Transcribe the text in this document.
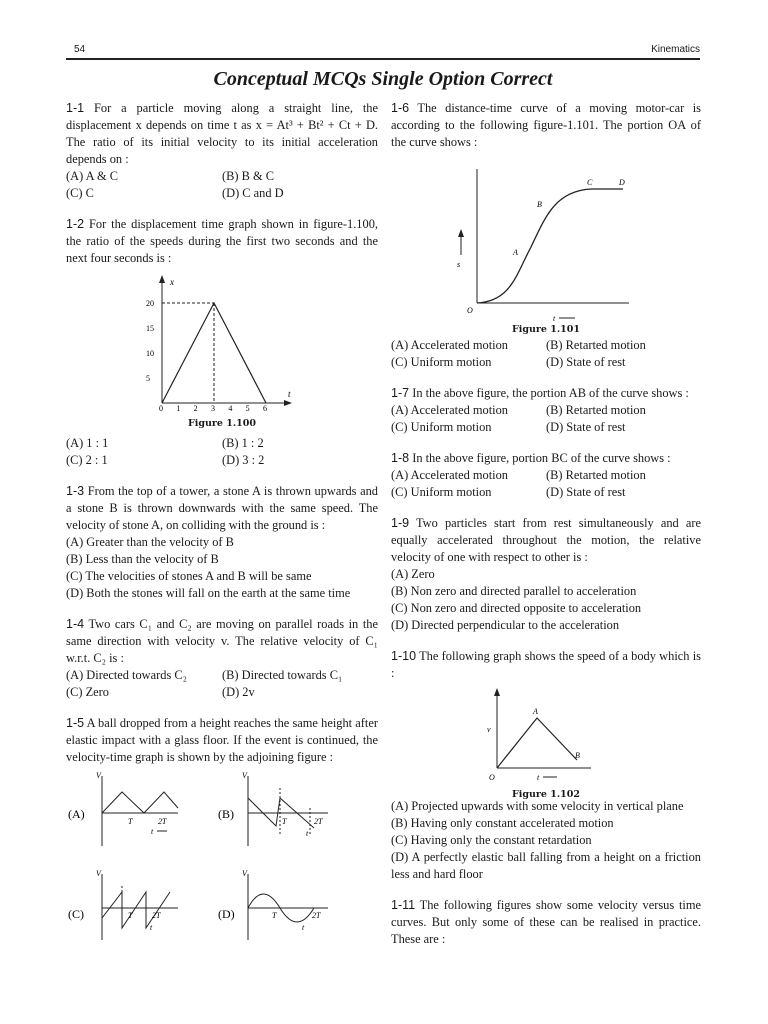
54	Kinematics
Conceptual MCQs Single Option Correct
1-1 For a particle moving along a straight line, the displacement x depends on time t as x = At³ + Bt² + Ct + D. The ratio of its initial velocity to its initial acceleration depends on :
(A) A & C	(B) B & C
(C) C	(D) C and D
1-2 For the displacement time graph shown in figure-1.100, the ratio of the speeds during the first two seconds and the next four seconds is :
x
t
0 1 2 3 4 5 6
20
15
10
5
Figure 1.100
(A) 1 : 1	(B) 1 : 2
(C) 2 : 1	(D) 3 : 2
1-3 From the top of a tower, a stone A is thrown upwards and a stone B is thrown downwards with the same speed. The velocity of stone A, on colliding with the ground is :
(A) Greater than the velocity of B
(B) Less than the velocity of B
(C) The velocities of stones A and B will be same
(D) Both the stones will fall on the earth at the same time
1-4 Two cars C₁ and C₂ are moving on parallel roads in the same direction with velocity v. The relative velocity of C₁ w.r.t. C₂ is :
(A) Directed towards C₂	(B) Directed towards C₁
(C) Zero	(D) 2v
1-5 A ball dropped from a height reaches the same height after elastic impact with a glass floor. If the event is continued, the velocity-time graph is shown by the adjoining figure :
(A)
V
T	2T
t
(B)
V
T	2T
t
(C)
V
T 2T
t
(D)
V
T	2T
t
1-6 The distance-time curve of a moving motor-car is according to the following figure-1.101. The portion OA of the curve shows :
s
O
A
B
C	D
t
Figure 1.101
(A) Accelerated motion	(B) Retarted motion
(C) Uniform motion	(D) State of rest
1-7 In the above figure, the portion AB of the curve shows :
(A) Accelerated motion	(B) Retarted motion
(C) Uniform motion	(D) State of rest
1-8 In the above figure, portion BC of the curve shows :
(A) Accelerated motion	(B) Retarted motion
(C) Uniform motion	(D) State of rest
1-9 Two particles start from rest simultaneously and are equally accelerated throughout the motion, the relative velocity of one with respect to other is :
(A) Zero
(B) Non zero and directed parallel to acceleration
(C) Non zero and directed opposite to acceleration
(D) Directed perpendicular to the acceleration
1-10 The following graph shows the speed of a body which is :
v
O
A
B
t
Figure 1.102
(A) Projected upwards with some velocity in vertical plane
(B) Having only constant accelerated motion
(C) Having only the constant retardation
(D) A perfectly elastic ball falling from a height on a friction less and hard floor
1-11 The following figures show some velocity versus time curves. But only some of these can be realised in practice. These are :
